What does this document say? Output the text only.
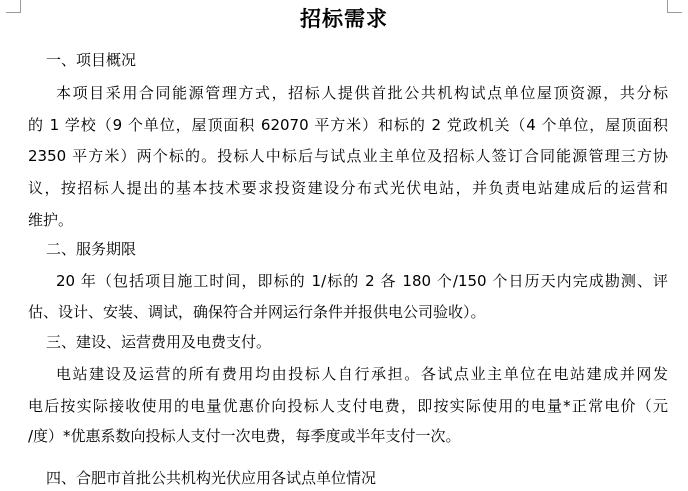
招标需求
一、项目概况
本项目采用合同能源管理方式，招标人提供首批公共机构试点单位屋顶资源，共分标
的 1 学校（9 个单位，屋顶面积 62070 平方米）和标的 2 党政机关（4 个单位，屋顶面积
2350 平方米）两个标的。投标人中标后与试点业主单位及招标人签订合同能源管理三方协
议，按招标人提出的基本技术要求投资建设分布式光伏电站，并负责电站建成后的运营和
维护。
二、服务期限
20 年（包括项目施工时间，即标的 1/标的 2 各 180 个/150 个日历天内完成勘测、评
估、设计、安装、调试，确保符合并网运行条件并报供电公司验收）。
三、建设、运营费用及电费支付。
电站建设及运营的所有费用均由投标人自行承担。各试点业主单位在电站建成并网发
电后按实际接收使用的电量优惠价向投标人支付电费，即按实际使用的电量*正常电价（元
/度）*优惠系数向投标人支付一次电费，每季度或半年支付一次。
四、合肥市首批公共机构光伏应用各试点单位情况
